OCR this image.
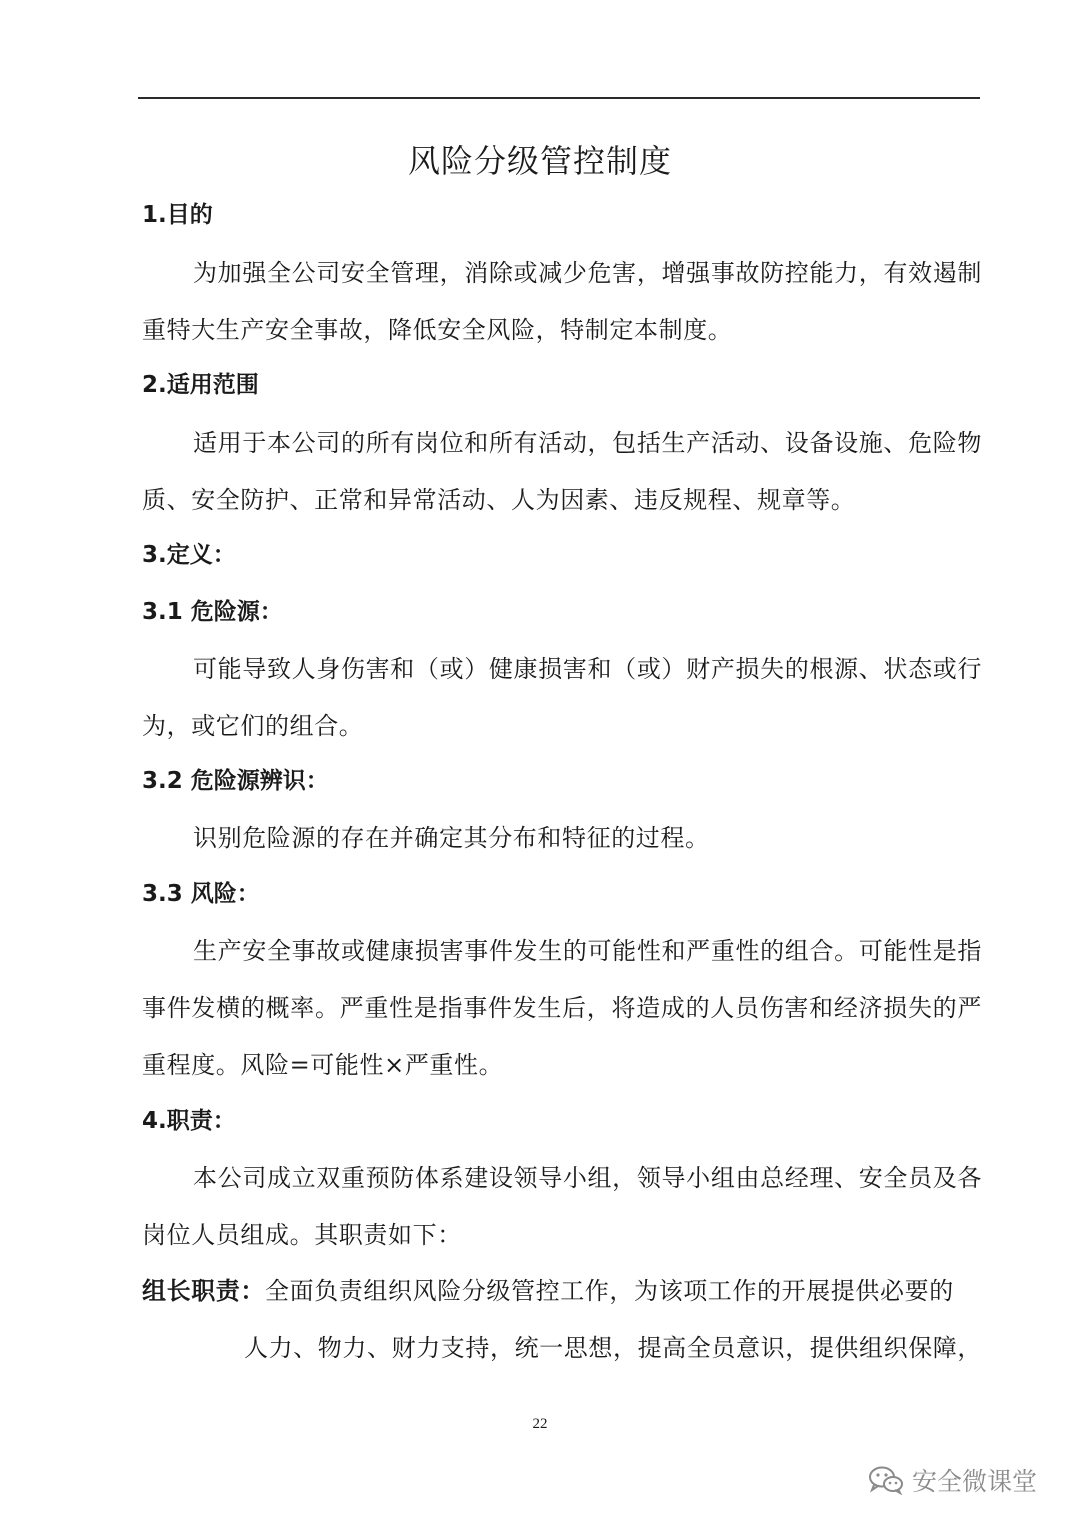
风险分级管控制度
1.目的
为加强全公司安全管理，消除或减少危害，增强事故防控能力，有效遏制重特大生产安全事故，降低安全风险，特制定本制度。
2.适用范围
适用于本公司的所有岗位和所有活动，包括生产活动、设备设施、危险物质、安全防护、正常和异常活动、人为因素、违反规程、规章等。
3.定义：
3.1 危险源：
可能导致人身伤害和（或）健康损害和（或）财产损失的根源、状态或行为，或它们的组合。
3.2 危险源辨识：
识别危险源的存在并确定其分布和特征的过程。
3.3 风险：
生产安全事故或健康损害事件发生的可能性和严重性的组合。可能性是指事件发横的概率。严重性是指事件发生后，将造成的人员伤害和经济损失的严重程度。风险=可能性×严重性。
4.职责：
本公司成立双重预防体系建设领导小组，领导小组由总经理、安全员及各岗位人员组成。其职责如下：
组长职责：全面负责组织风险分级管控工作，为该项工作的开展提供必要的
人力、物力、财力支持，统一思想，提高全员意识，提供组织保障，
22
安全微课堂
